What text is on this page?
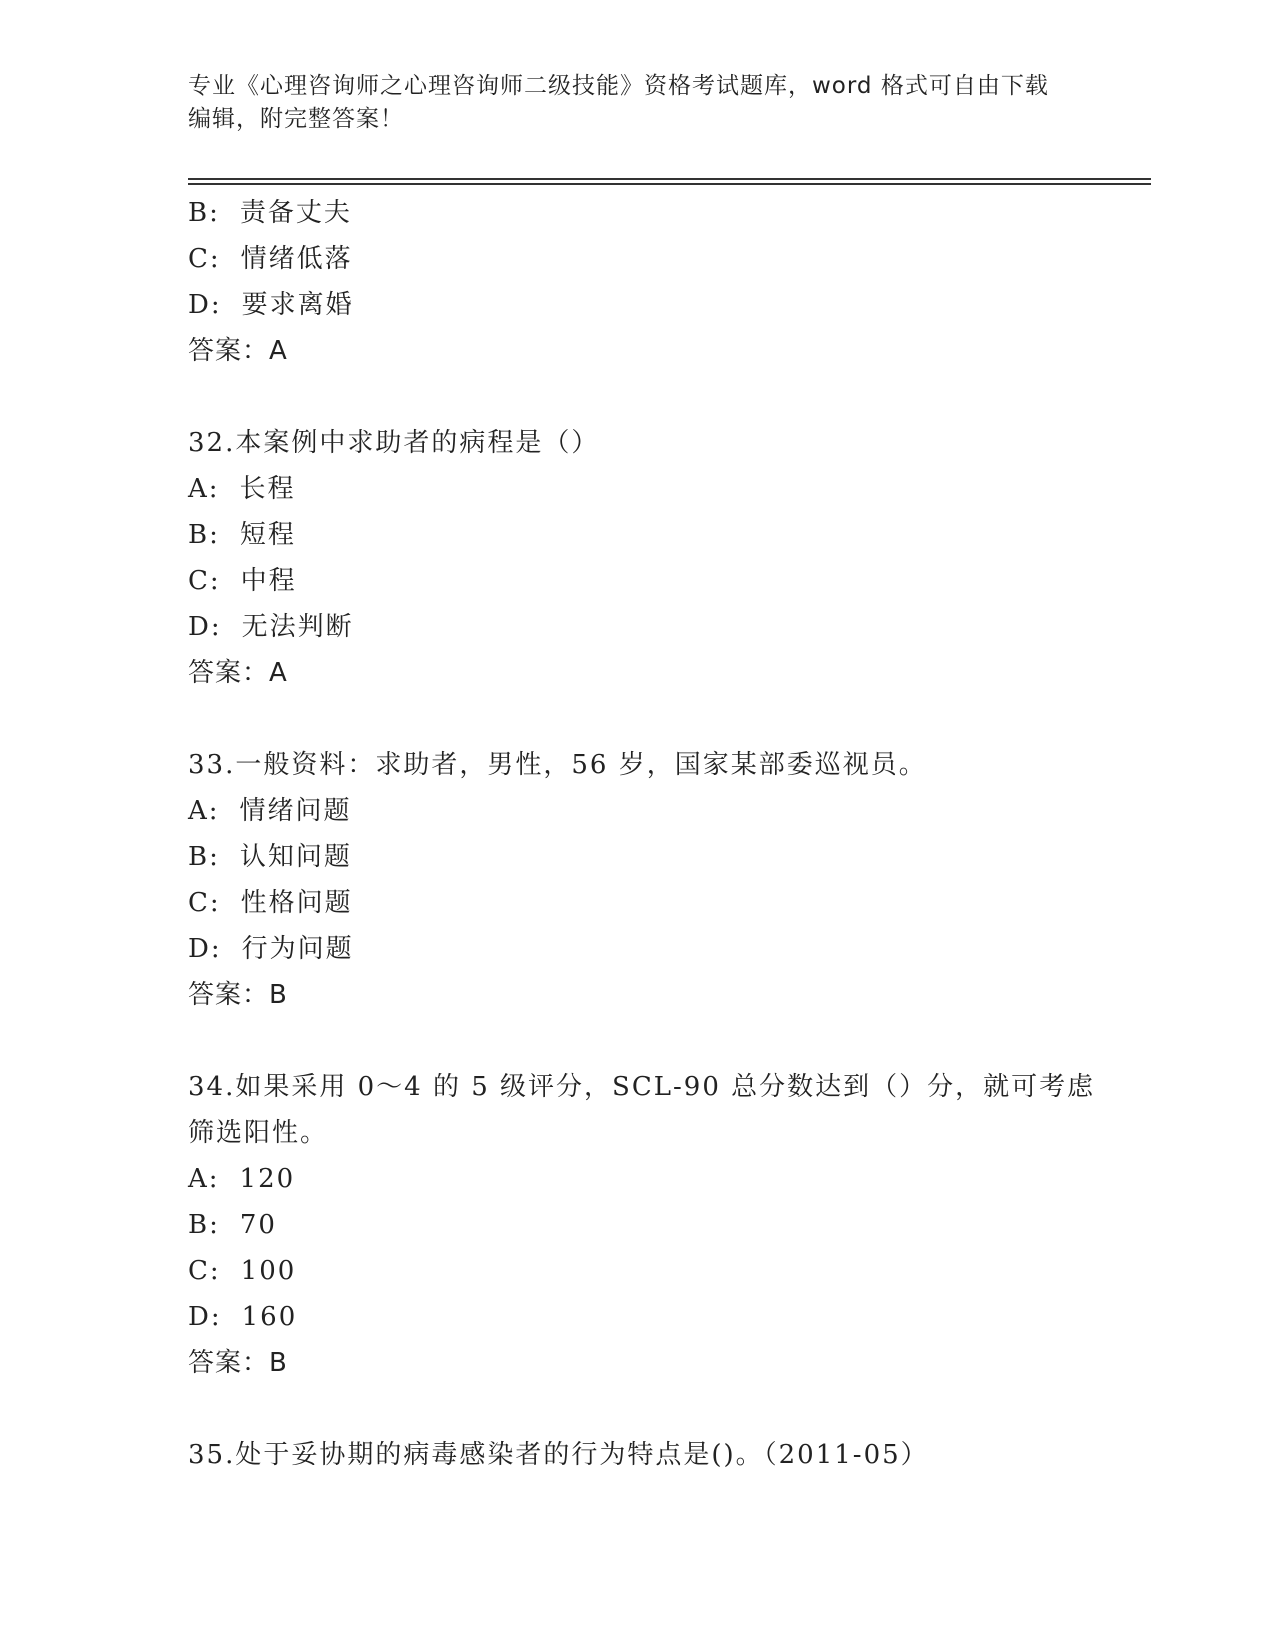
专业《心理咨询师之心理咨询师二级技能》资格考试题库，word 格式可自由下载
编辑，附完整答案！
B: 责备丈夫
C: 情绪低落
D: 要求离婚
答案：A
32.本案例中求助者的病程是（）
A: 长程
B: 短程
C: 中程
D: 无法判断
答案：A
33.一般资料：求助者，男性，56 岁，国家某部委巡视员。
A: 情绪问题
B: 认知问题
C: 性格问题
D: 行为问题
答案：B
34.如果采用 0～4 的 5 级评分，SCL-90 总分数达到（）分，就可考虑
筛选阳性。
A: 120
B: 70
C: 100
D: 160
答案：B
35.处于妥协期的病毒感染者的行为特点是()。（2011-05）
